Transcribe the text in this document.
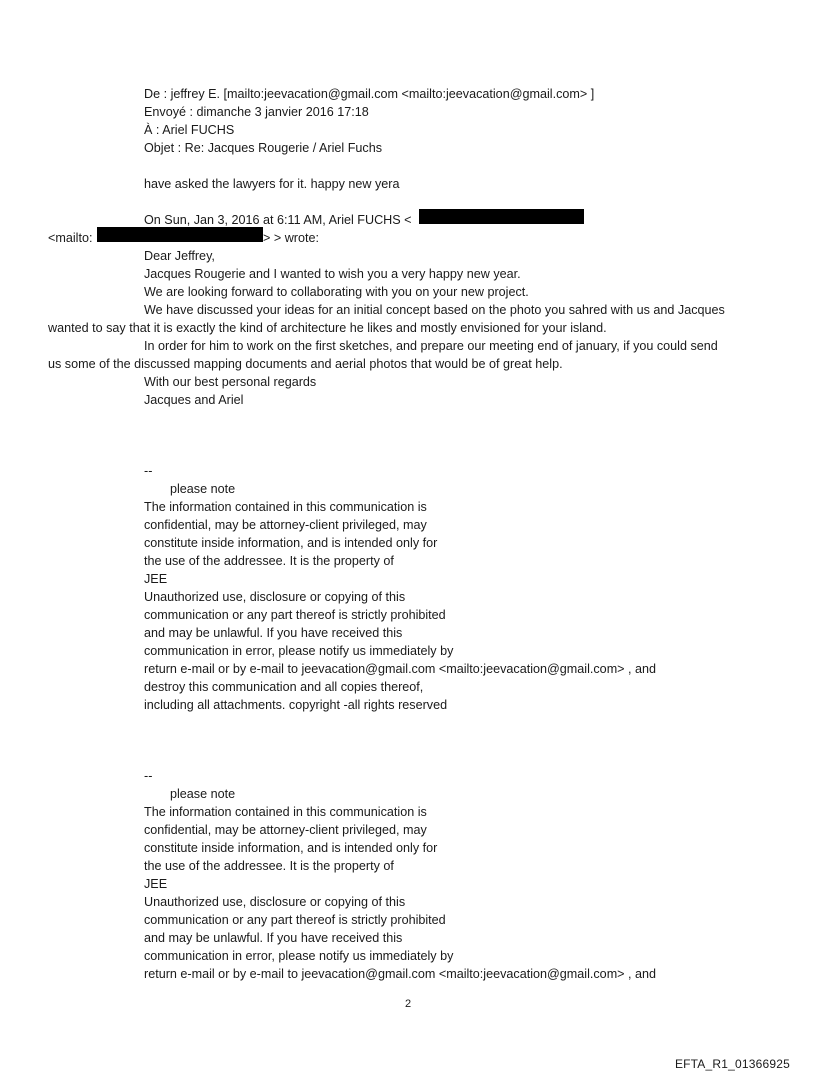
De : jeffrey E. [mailto:jeevacation@gmail.com <mailto:jeevacation@gmail.com> ]
Envoyé : dimanche 3 janvier 2016 17:18
À : Ariel FUCHS
Objet : Re: Jacques Rougerie / Ariel Fuchs
have asked the lawyers for it. happy new yera
On Sun, Jan 3, 2016 at 6:11 AM, Ariel FUCHS <
<mailto:	> > wrote:
Dear Jeffrey,
Jacques Rougerie and I wanted to wish you a very happy new year.
We are looking forward to collaborating with you on your new project.
We have discussed your ideas for an initial concept based on the photo you sahred with us and Jacques
wanted to say that it is exactly the kind of architecture he likes and mostly envisioned for your island.
In order for him to work on the first sketches, and prepare our meeting end of january, if you could send
us some of the discussed mapping documents and aerial photos that would be of great help.
With our best personal regards
Jacques and Ariel
--
please note
The information contained in this communication is
confidential, may be attorney-client privileged, may
constitute inside information, and is intended only for
the use of the addressee. It is the property of
JEE
Unauthorized use, disclosure or copying of this
communication or any part thereof is strictly prohibited
and may be unlawful. If you have received this
communication in error, please notify us immediately by
return e-mail or by e-mail to jeevacation@gmail.com <mailto:jeevacation@gmail.com> , and
destroy this communication and all copies thereof,
including all attachments. copyright -all rights reserved
--
please note
The information contained in this communication is
confidential, may be attorney-client privileged, may
constitute inside information, and is intended only for
the use of the addressee. It is the property of
JEE
Unauthorized use, disclosure or copying of this
communication or any part thereof is strictly prohibited
and may be unlawful. If you have received this
communication in error, please notify us immediately by
return e-mail or by e-mail to jeevacation@gmail.com <mailto:jeevacation@gmail.com> , and
2
EFTA_R1_01366925
